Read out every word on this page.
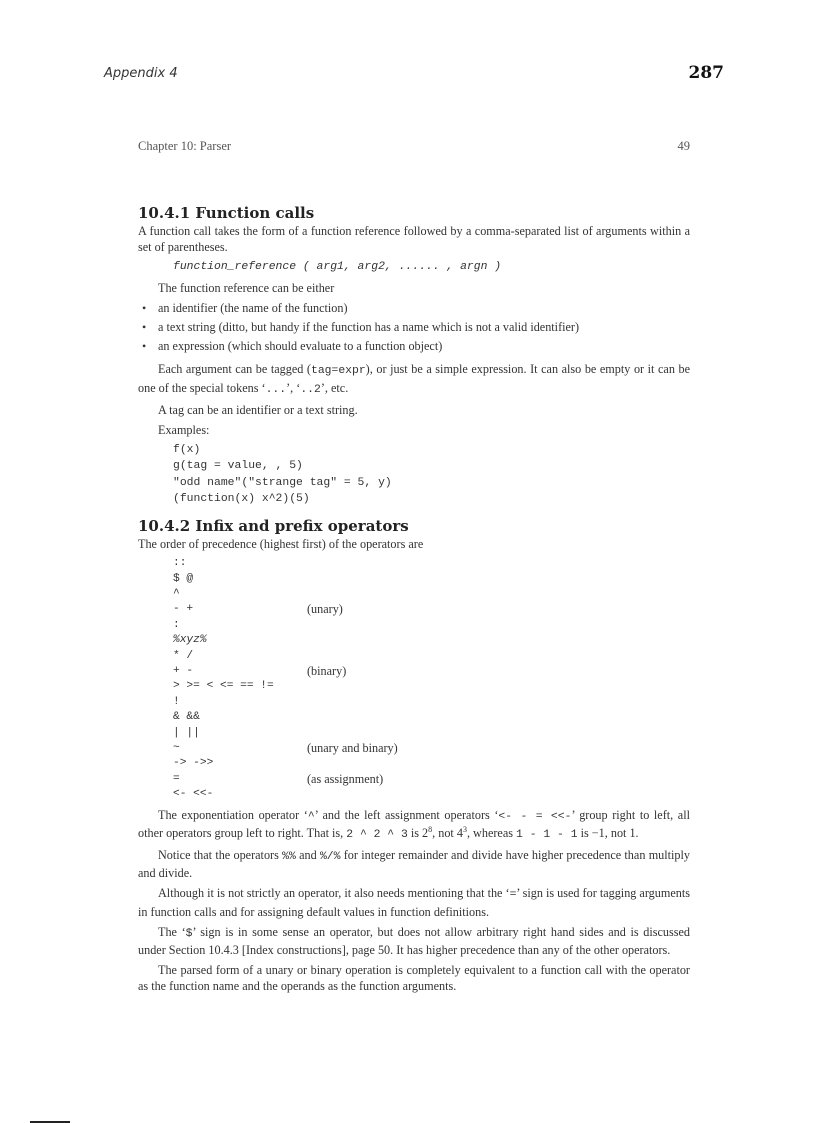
Appendix 4	287
Chapter 10: Parser	49
10.4.1 Function calls

A function call takes the form of a function reference followed by a comma-separated list of arguments within a set of parentheses.

function_reference ( arg1, arg2, ...... , argn )

The function reference can be either

• an identifier (the name of the function)
• a text string (ditto, but handy if the function has a name which is not a valid identifier)
• an expression (which should evaluate to a function object)

Each argument can be tagged (tag=expr), or just be a simple expression. It can also be empty or it can be one of the special tokens ‘...’, ‘..2’, etc.

A tag can be an identifier or a text string.

Examples:

f(x)
g(tag = value, , 5)
"odd name"("strange tag" = 5, y)
(function(x) x^2)(5)
10.4.2 Infix and prefix operators

The order of precedence (highest first) of the operators are

::
$ @
^
- +	(unary)
:
%xyz%
* /
+ -	(binary)
> >= < <= == !=
!
& &&
| ||
~	(unary and binary)
-> ->>
=	(as assignment)
<- <<-

The exponentiation operator ‘^’ and the left assignment operators ‘<- - = <<-’ group right to left, all other operators group left to right. That is, 2 ^ 2 ^ 3 is $2^8$, not $4^3$, whereas 1 - 1 - 1 is −1, not 1.

Notice that the operators %% and %/% for integer remainder and divide have higher precedence than multiply and divide.

Although it is not strictly an operator, it also needs mentioning that the ‘=’ sign is used for tagging arguments in function calls and for assigning default values in function definitions.

The ‘$’ sign is in some sense an operator, but does not allow arbitrary right hand sides and is discussed under Section 10.4.3 [Index constructions], page 50. It has higher precedence than any of the other operators.

The parsed form of a unary or binary operation is completely equivalent to a function call with the operator as the function name and the operands as the function arguments.
